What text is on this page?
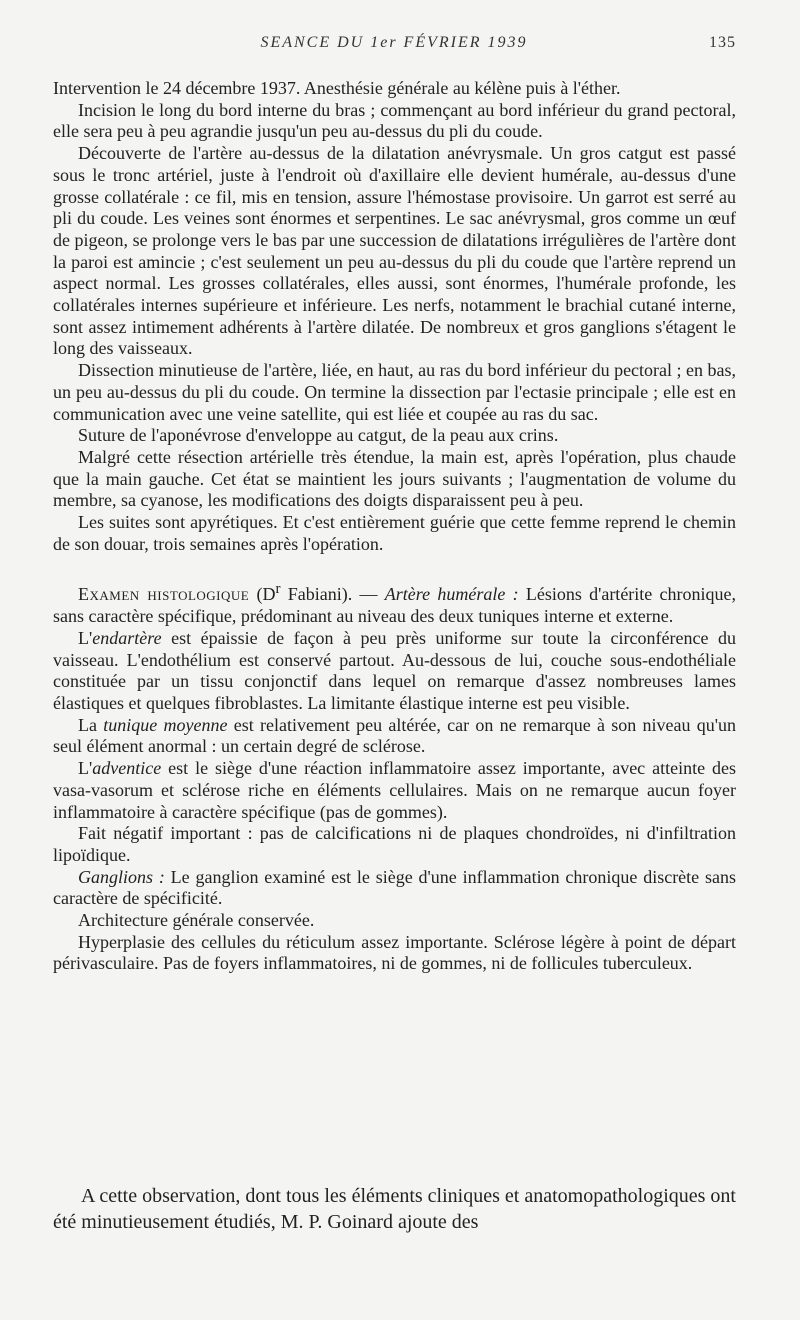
SEANCE DU 1er FÉVRIER 1939	135

Intervention le 24 décembre 1937. Anesthésie générale au kélène puis à l'éther.

Incision le long du bord interne du bras ; commençant au bord inférieur du grand pectoral, elle sera peu à peu agrandie jusqu'un peu au-dessus du pli du coude.

Découverte de l'artère au-dessus de la dilatation anévrysmale. Un gros catgut est passé sous le tronc artériel, juste à l'endroit où d'axillaire elle devient humérale, au-dessus d'une grosse collatérale : ce fil, mis en tension, assure l'hémostase provisoire. Un garrot est serré au pli du coude. Les veines sont énormes et serpentines. Le sac anévrysmal, gros comme un œuf de pigeon, se prolonge vers le bas par une succession de dilatations irrégulières de l'artère dont la paroi est amincie ; c'est seulement un peu au-dessus du pli du coude que l'artère reprend un aspect normal. Les grosses collatérales, elles aussi, sont énormes, l'humérale profonde, les collatérales internes supérieure et inférieure. Les nerfs, notamment le brachial cutané interne, sont assez intimement adhérents à l'artère dilatée. De nombreux et gros ganglions s'étagent le long des vaisseaux.

Dissection minutieuse de l'artère, liée, en haut, au ras du bord inférieur du pectoral ; en bas, un peu au-dessus du pli du coude. On termine la dissection par l'ectasie principale ; elle est en communication avec une veine satellite, qui est liée et coupée au ras du sac.

Suture de l'aponévrose d'enveloppe au catgut, de la peau aux crins.

Malgré cette résection artérielle très étendue, la main est, après l'opération, plus chaude que la main gauche. Cet état se maintient les jours suivants ; l'augmentation de volume du membre, sa cyanose, les modifications des doigts disparaissent peu à peu.

Les suites sont apyrétiques. Et c'est entièrement guérie que cette femme reprend le chemin de son douar, trois semaines après l'opération.

Examen histologique ($D^r$ Fabiani). — Artère humérale : Lésions d'artérite chronique, sans caractère spécifique, prédominant au niveau des deux tuniques interne et externe.

L'endartère est épaissie de façon à peu près uniforme sur toute la circonférence du vaisseau. L'endothélium est conservé partout. Au-dessous de lui, couche sous-endothéliale constituée par un tissu conjonctif dans lequel on remarque d'assez nombreuses lames élastiques et quelques fibroblastes. La limitante élastique interne est peu visible.

La tunique moyenne est relativement peu altérée, car on ne remarque à son niveau qu'un seul élément anormal : un certain degré de sclérose.

L'adventice est le siège d'une réaction inflammatoire assez importante, avec atteinte des vasa-vasorum et sclérose riche en éléments cellulaires. Mais on ne remarque aucun foyer inflammatoire à caractère spécifique (pas de gommes).

Fait négatif important : pas de calcifications ni de plaques chondroïdes, ni d'infiltration lipoïdique.

Ganglions : Le ganglion examiné est le siège d'une inflammation chronique discrète sans caractère de spécificité.

Architecture générale conservée.

Hyperplasie des cellules du réticulum assez importante. Sclérose légère à point de départ périvasculaire. Pas de foyers inflammatoires, ni de gommes, ni de follicules tuberculeux.

A cette observation, dont tous les éléments cliniques et anatomopathologiques ont été minutieusement étudiés, M. P. Goinard ajoute des
